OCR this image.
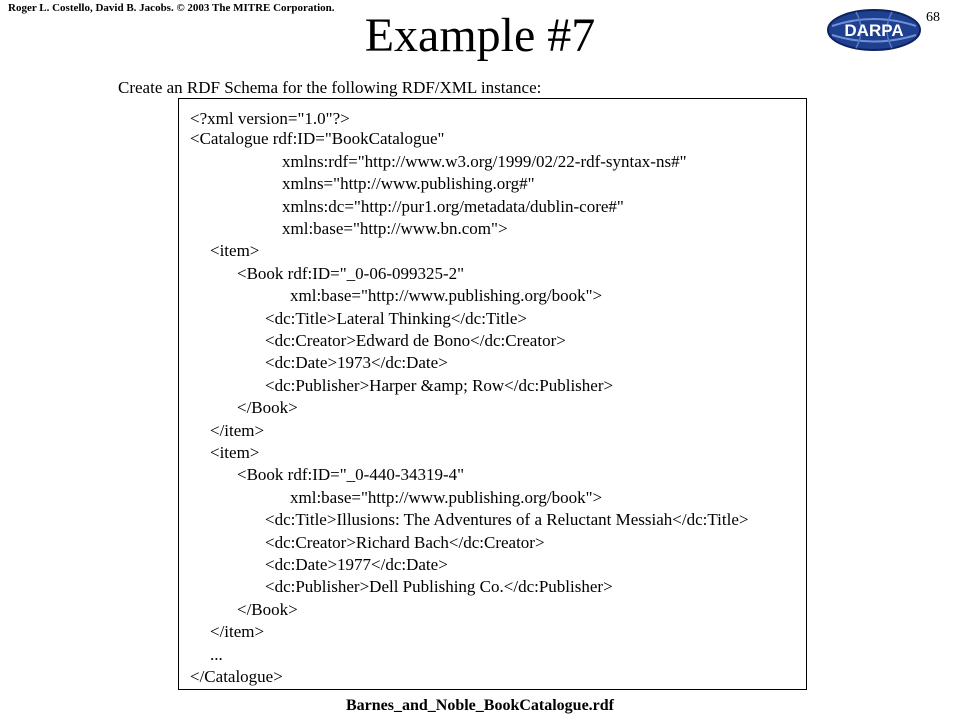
Roger L. Costello, David B. Jacobs. © 2003 The MITRE Corporation.
68
DARPA
Example #7
Create an RDF Schema for the following RDF/XML instance:
<?xml version="1.0"?>
<Catalogue rdf:ID="BookCatalogue"
xmlns:rdf="http://www.w3.org/1999/02/22-rdf-syntax-ns#"
xmlns="http://www.publishing.org#"
xmlns:dc="http://pur1.org/metadata/dublin-core#"
xml:base="http://www.bn.com">
<item>
<Book rdf:ID="_0-06-099325-2"
xml:base="http://www.publishing.org/book">
<dc:Title>Lateral Thinking</dc:Title>
<dc:Creator>Edward de Bono</dc:Creator>
<dc:Date>1973</dc:Date>
<dc:Publisher>Harper &amp; Row</dc:Publisher>
</Book>
</item>
<item>
<Book rdf:ID="_0-440-34319-4"
xml:base="http://www.publishing.org/book">
<dc:Title>Illusions: The Adventures of a Reluctant Messiah</dc:Title>
<dc:Creator>Richard Bach</dc:Creator>
<dc:Date>1977</dc:Date>
<dc:Publisher>Dell Publishing Co.</dc:Publisher>
</Book>
</item>
...
</Catalogue>
Barnes_and_Noble_BookCatalogue.rdf
